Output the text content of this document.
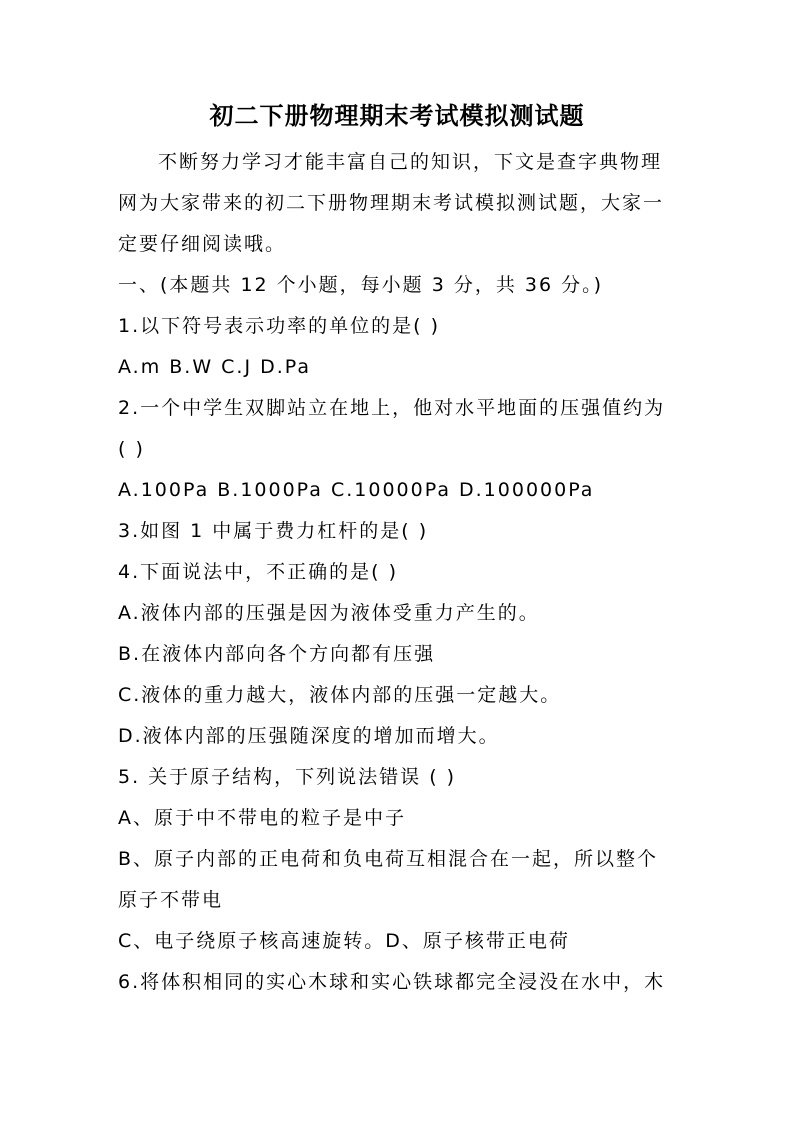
初二下册物理期末考试模拟测试题
不断努力学习才能丰富自己的知识，下文是查字典物理
网为大家带来的初二下册物理期末考试模拟测试题，大家一
定要仔细阅读哦。
一、(本题共 12 个小题，每小题 3 分，共 36 分。)
1.以下符号表示功率的单位的是( )
A.m B.W C.J D.Pa
2.一个中学生双脚站立在地上，他对水平地面的压强值约为
( )
A.100Pa B.1000Pa C.10000Pa D.100000Pa
3.如图 1 中属于费力杠杆的是( )
4.下面说法中，不正确的是( )
A.液体内部的压强是因为液体受重力产生的。
B.在液体内部向各个方向都有压强
C.液体的重力越大，液体内部的压强一定越大。
D.液体内部的压强随深度的增加而增大。
5. 关于原子结构，下列说法错误 ( )
A、原于中不带电的粒子是中子
B、原子内部的正电荷和负电荷互相混合在一起，所以整个
原子不带电
C、电子绕原子核高速旋转。D、原子核带正电荷
6.将体积相同的实心木球和实心铁球都完全浸没在水中，木
